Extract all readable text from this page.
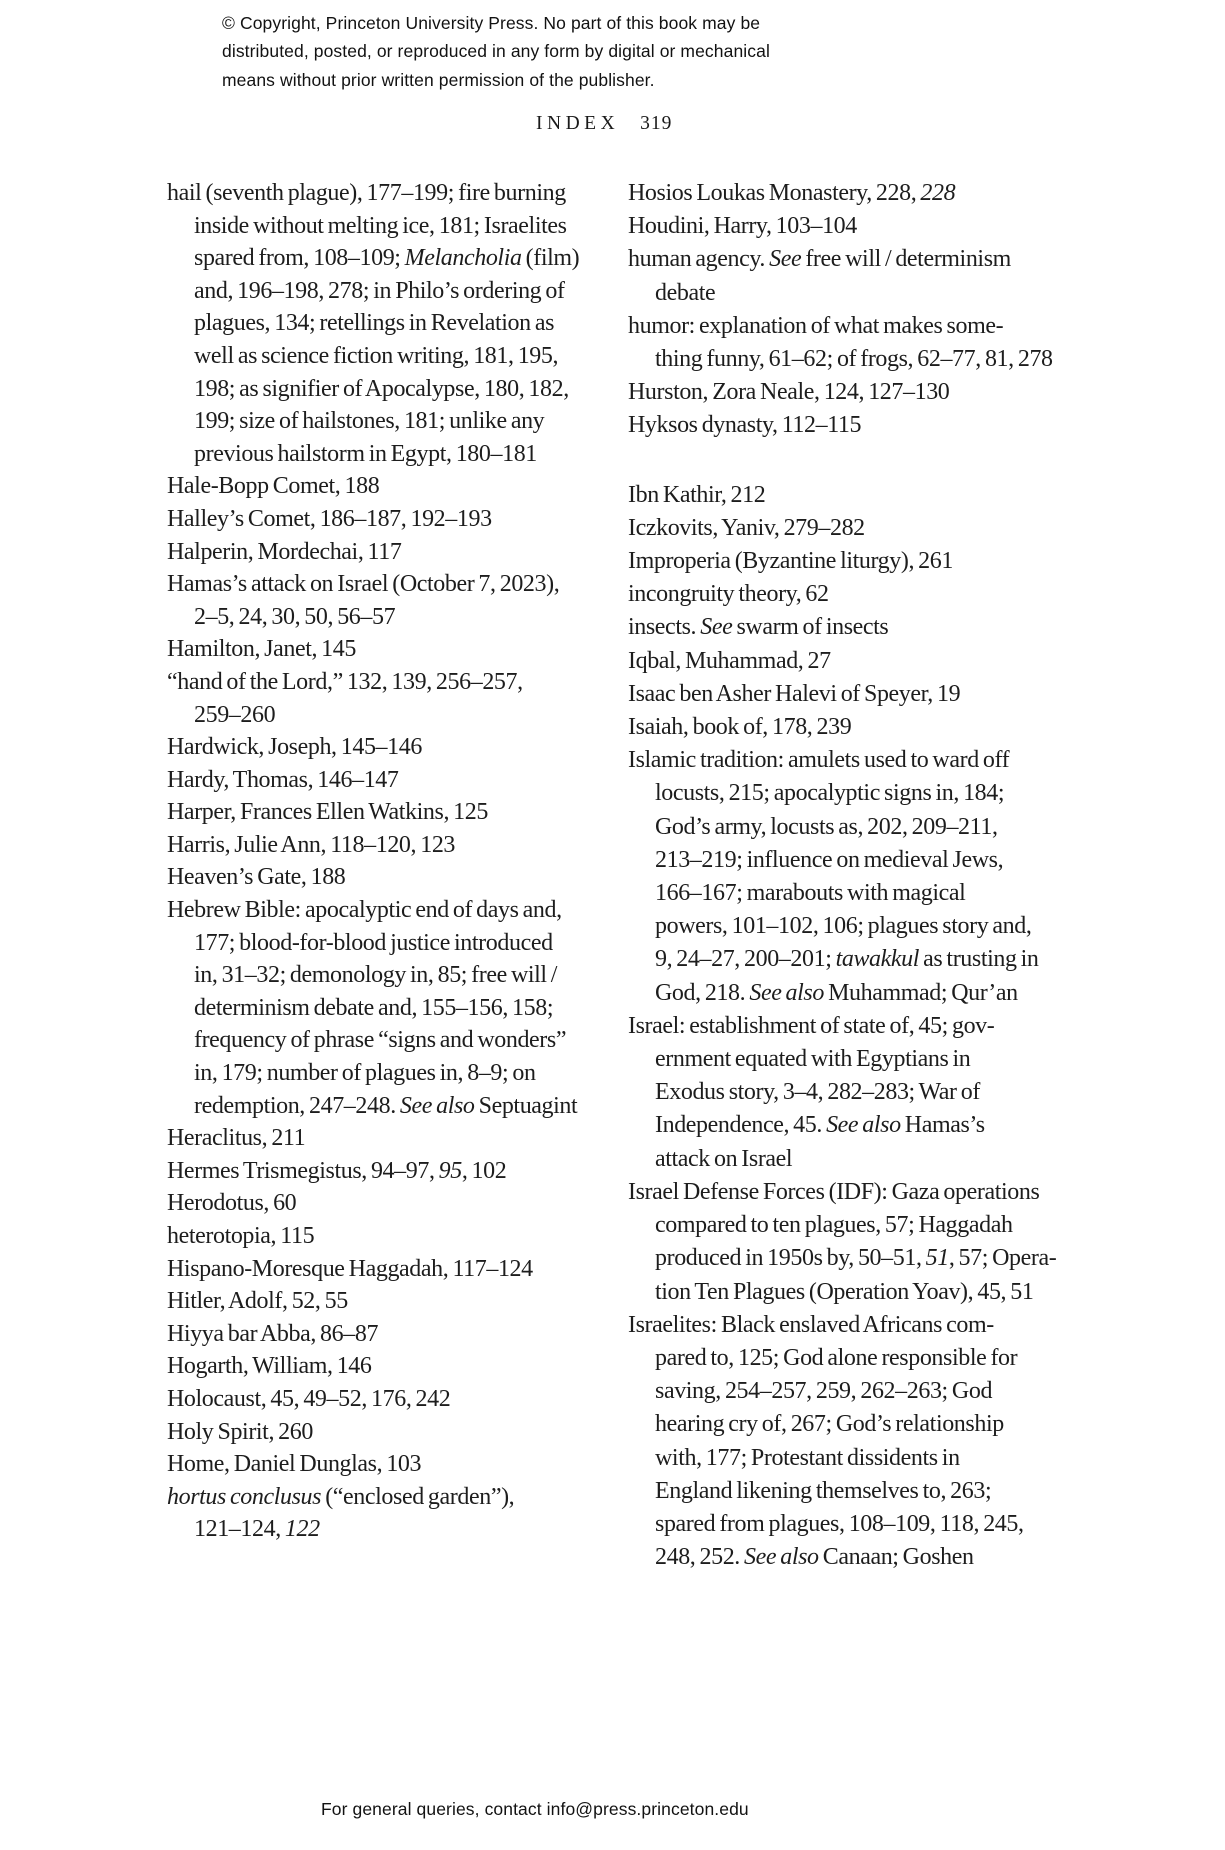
© Copyright, Princeton University Press. No part of this book may be
distributed, posted, or reproduced in any form by digital or mechanical
means without prior written permission of the publisher.
INDEX 319
hail (seventh plague), 177–199; fire burning
inside without melting ice, 181; Israelites
spared from, 108–109; Melancholia (film)
and, 196–198, 278; in Philo’s ordering of
plagues, 134; retellings in Revelation as
well as science fiction writing, 181, 195,
198; as signifier of Apocalypse, 180, 182,
199; size of hailstones, 181; unlike any
previous hailstorm in Egypt, 180–181
Hale-Bopp Comet, 188
Halley’s Comet, 186–187, 192–193
Halperin, Mordechai, 117
Hamas’s attack on Israel (October 7, 2023),
2–5, 24, 30, 50, 56–57
Hamilton, Janet, 145
“hand of the Lord,” 132, 139, 256–257,
259–260
Hardwick, Joseph, 145–146
Hardy, Thomas, 146–147
Harper, Frances Ellen Watkins, 125
Harris, Julie Ann, 118–120, 123
Heaven’s Gate, 188
Hebrew Bible: apocalyptic end of days and,
177; blood-for-blood justice introduced
in, 31–32; demonology in, 85; free will /
determinism debate and, 155–156, 158;
frequency of phrase “signs and wonders”
in, 179; number of plagues in, 8–9; on
redemption, 247–248. See also Septuagint
Heraclitus, 211
Hermes Trismegistus, 94–97, 95, 102
Herodotus, 60
heterotopia, 115
Hispano-Moresque Haggadah, 117–124
Hitler, Adolf, 52, 55
Hiyya bar Abba, 86–87
Hogarth, William, 146
Holocaust, 45, 49–52, 176, 242
Holy Spirit, 260
Home, Daniel Dunglas, 103
hortus conclusus (“enclosed garden”),
121–124, 122
Hosios Loukas Monastery, 228, 228
Houdini, Harry, 103–104
human agency. See free will / determinism
debate
humor: explanation of what makes some-
thing funny, 61–62; of frogs, 62–77, 81, 278
Hurston, Zora Neale, 124, 127–130
Hyksos dynasty, 112–115
Ibn Kathir, 212
Iczkovits, Yaniv, 279–282
Improperia (Byzantine liturgy), 261
incongruity theory, 62
insects. See swarm of insects
Iqbal, Muhammad, 27
Isaac ben Asher Halevi of Speyer, 19
Isaiah, book of, 178, 239
Islamic tradition: amulets used to ward off
locusts, 215; apocalyptic signs in, 184;
God’s army, locusts as, 202, 209–211,
213–219; influence on medieval Jews,
166–167; marabouts with magical
powers, 101–102, 106; plagues story and,
9, 24–27, 200–201; tawakkul as trusting in
God, 218. See also Muhammad; Qur’an
Israel: establishment of state of, 45; gov-
ernment equated with Egyptians in
Exodus story, 3–4, 282–283; War of
Independence, 45. See also Hamas’s
attack on Israel
Israel Defense Forces (IDF): Gaza operations
compared to ten plagues, 57; Haggadah
produced in 1950s by, 50–51, 51, 57; Opera-
tion Ten Plagues (Operation Yoav), 45, 51
Israelites: Black enslaved Africans com-
pared to, 125; God alone responsible for
saving, 254–257, 259, 262–263; God
hearing cry of, 267; God’s relationship
with, 177; Protestant dissidents in
England likening themselves to, 263;
spared from plagues, 108–109, 118, 245,
248, 252. See also Canaan; Goshen
For general queries, contact info@press.princeton.edu
